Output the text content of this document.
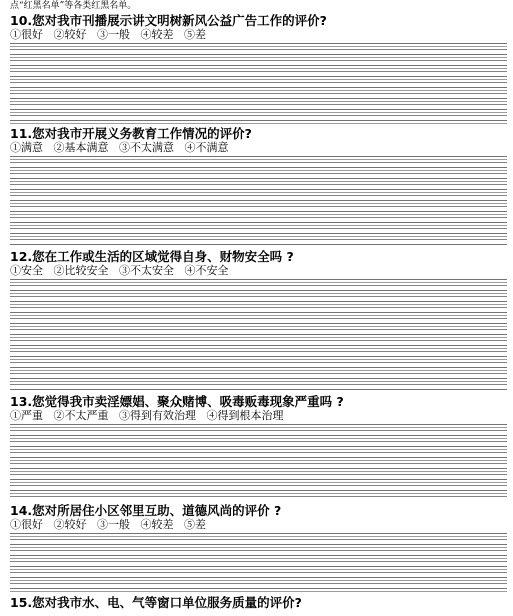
点“红黑名单”等各类红黑名单。

10.您对我市刊播展示讲文明树新风公益广告工作的评价?
①很好 ②较好 ③一般 ④较差 ⑤差
11.您对我市开展义务教育工作情况的评价?
①满意 ②基本满意 ③不太满意 ④不满意
12.您在工作或生活的区域觉得自身、财物安全吗 ?
①安全 ②比较安全 ③不太安全 ④不安全
13.您觉得我市卖淫嫖娼、聚众赌博、吸毒贩毒现象严重吗 ?
①严重 ②不太严重 ③得到有效治理 ④得到根本治理
14.您对所居住小区邻里互助、道德风尚的评价 ?
①很好 ②较好 ③一般 ④较差 ⑤差
15.您对我市水、电、气等窗口单位服务质量的评价?
